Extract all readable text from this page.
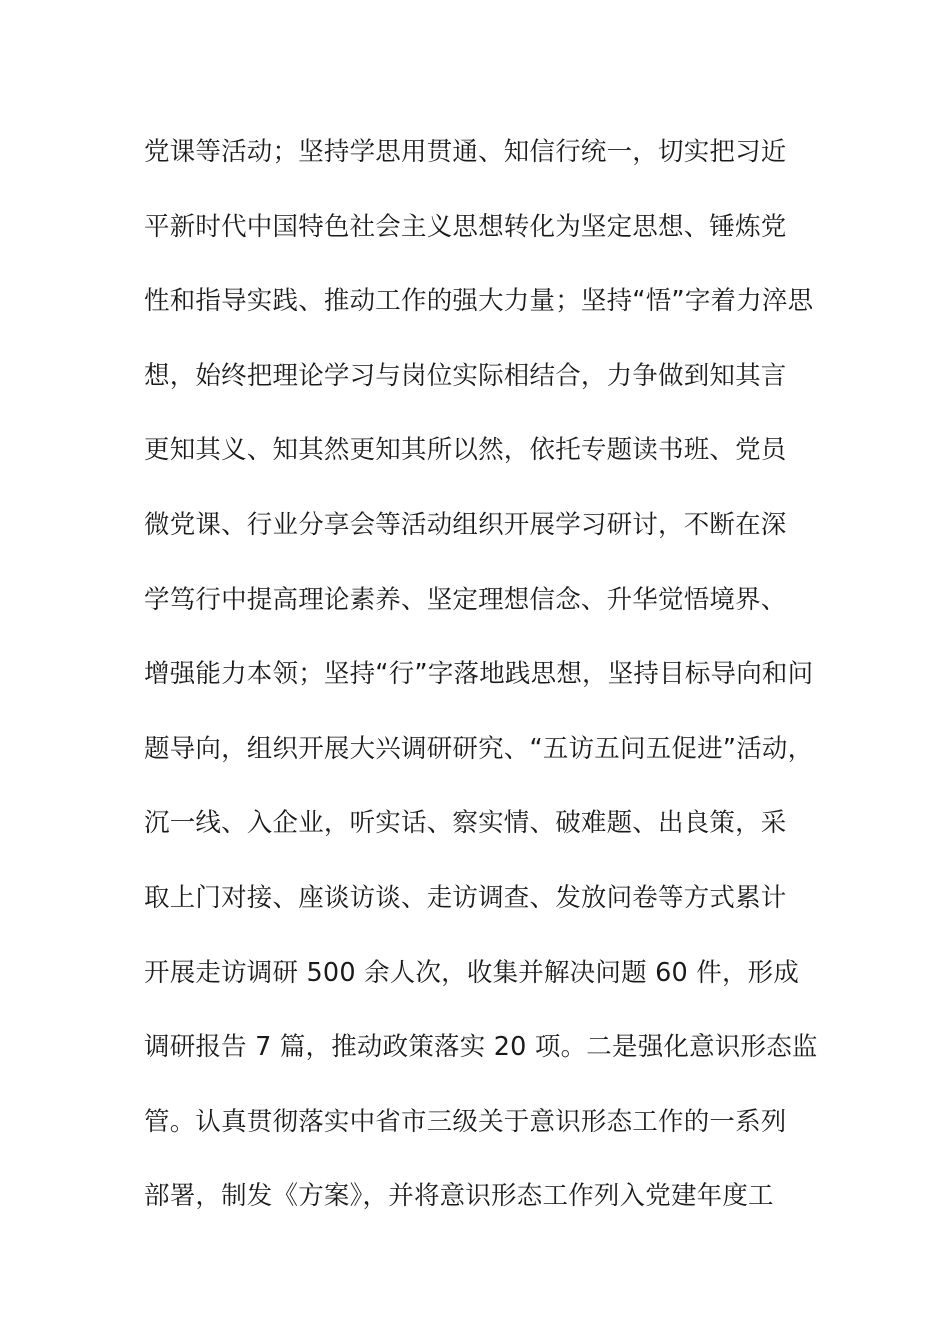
党课等活动；坚持学思用贯通、知信行统一，切实把习近
平新时代中国特色社会主义思想转化为坚定思想、锤炼党
性和指导实践、推动工作的强大力量；坚持“悟”字着力淬思
想，始终把理论学习与岗位实际相结合，力争做到知其言
更知其义、知其然更知其所以然，依托专题读书班、党员
微党课、行业分享会等活动组织开展学习研讨，不断在深
学笃行中提高理论素养、坚定理想信念、升华觉悟境界、
增强能力本领；坚持“行”字落地践思想，坚持目标导向和问
题导向，组织开展大兴调研研究、“五访五问五促进”活动，
沉一线、入企业，听实话、察实情、破难题、出良策，采
取上门对接、座谈访谈、走访调查、发放问卷等方式累计
开展走访调研 500 余人次，收集并解决问题 60 件，形成
调研报告 7 篇，推动政策落实 20 项。二是强化意识形态监
管。认真贯彻落实中省市三级关于意识形态工作的一系列
部署，制发《方案》，并将意识形态工作列入党建年度工
